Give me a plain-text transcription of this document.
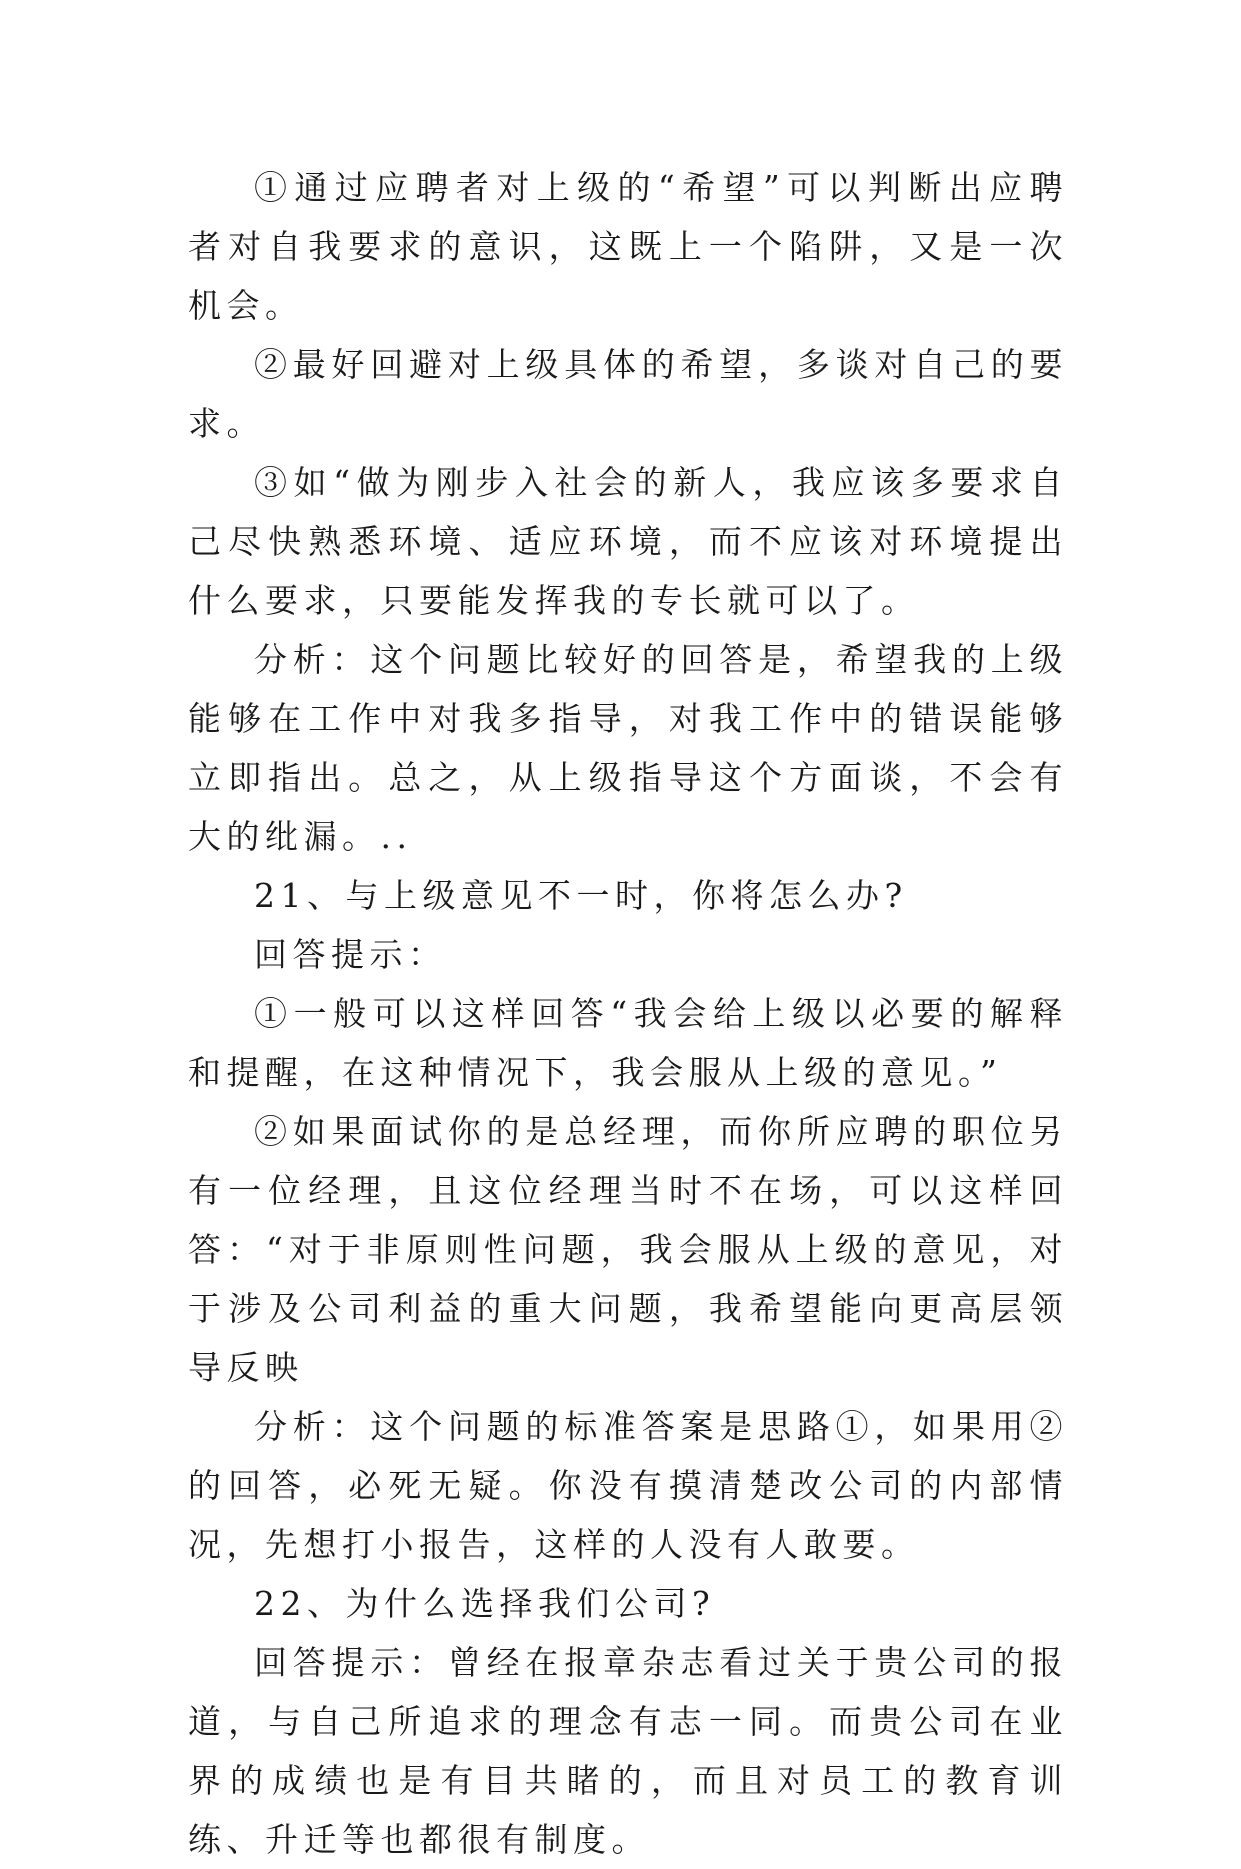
①通过应聘者对上级的“希望”可以判断出应聘者对自我要求的意识，这既上一个陷阱，又是一次机会。

②最好回避对上级具体的希望，多谈对自己的要求。

③如“做为刚步入社会的新人，我应该多要求自己尽快熟悉环境、适应环境，而不应该对环境提出什么要求，只要能发挥我的专长就可以了。

分析：这个问题比较好的回答是，希望我的上级能够在工作中对我多指导，对我工作中的错误能够立即指出。总之，从上级指导这个方面谈，不会有大的纰漏。..

21、与上级意见不一时，你将怎么办?

回答提示：

①一般可以这样回答“我会给上级以必要的解释和提醒，在这种情况下，我会服从上级的意见。”

②如果面试你的是总经理，而你所应聘的职位另有一位经理，且这位经理当时不在场，可以这样回答：“对于非原则性问题，我会服从上级的意见，对于涉及公司利益的重大问题，我希望能向更高层领导反映

分析：这个问题的标准答案是思路①，如果用②的回答，必死无疑。你没有摸清楚改公司的内部情况，先想打小报告，这样的人没有人敢要。

22、为什么选择我们公司?

回答提示：曾经在报章杂志看过关于贵公司的报道，与自己所追求的理念有志一同。而贵公司在业界的成绩也是有目共睹的，而且对员工的教育训练、升迁等也都很有制度。
